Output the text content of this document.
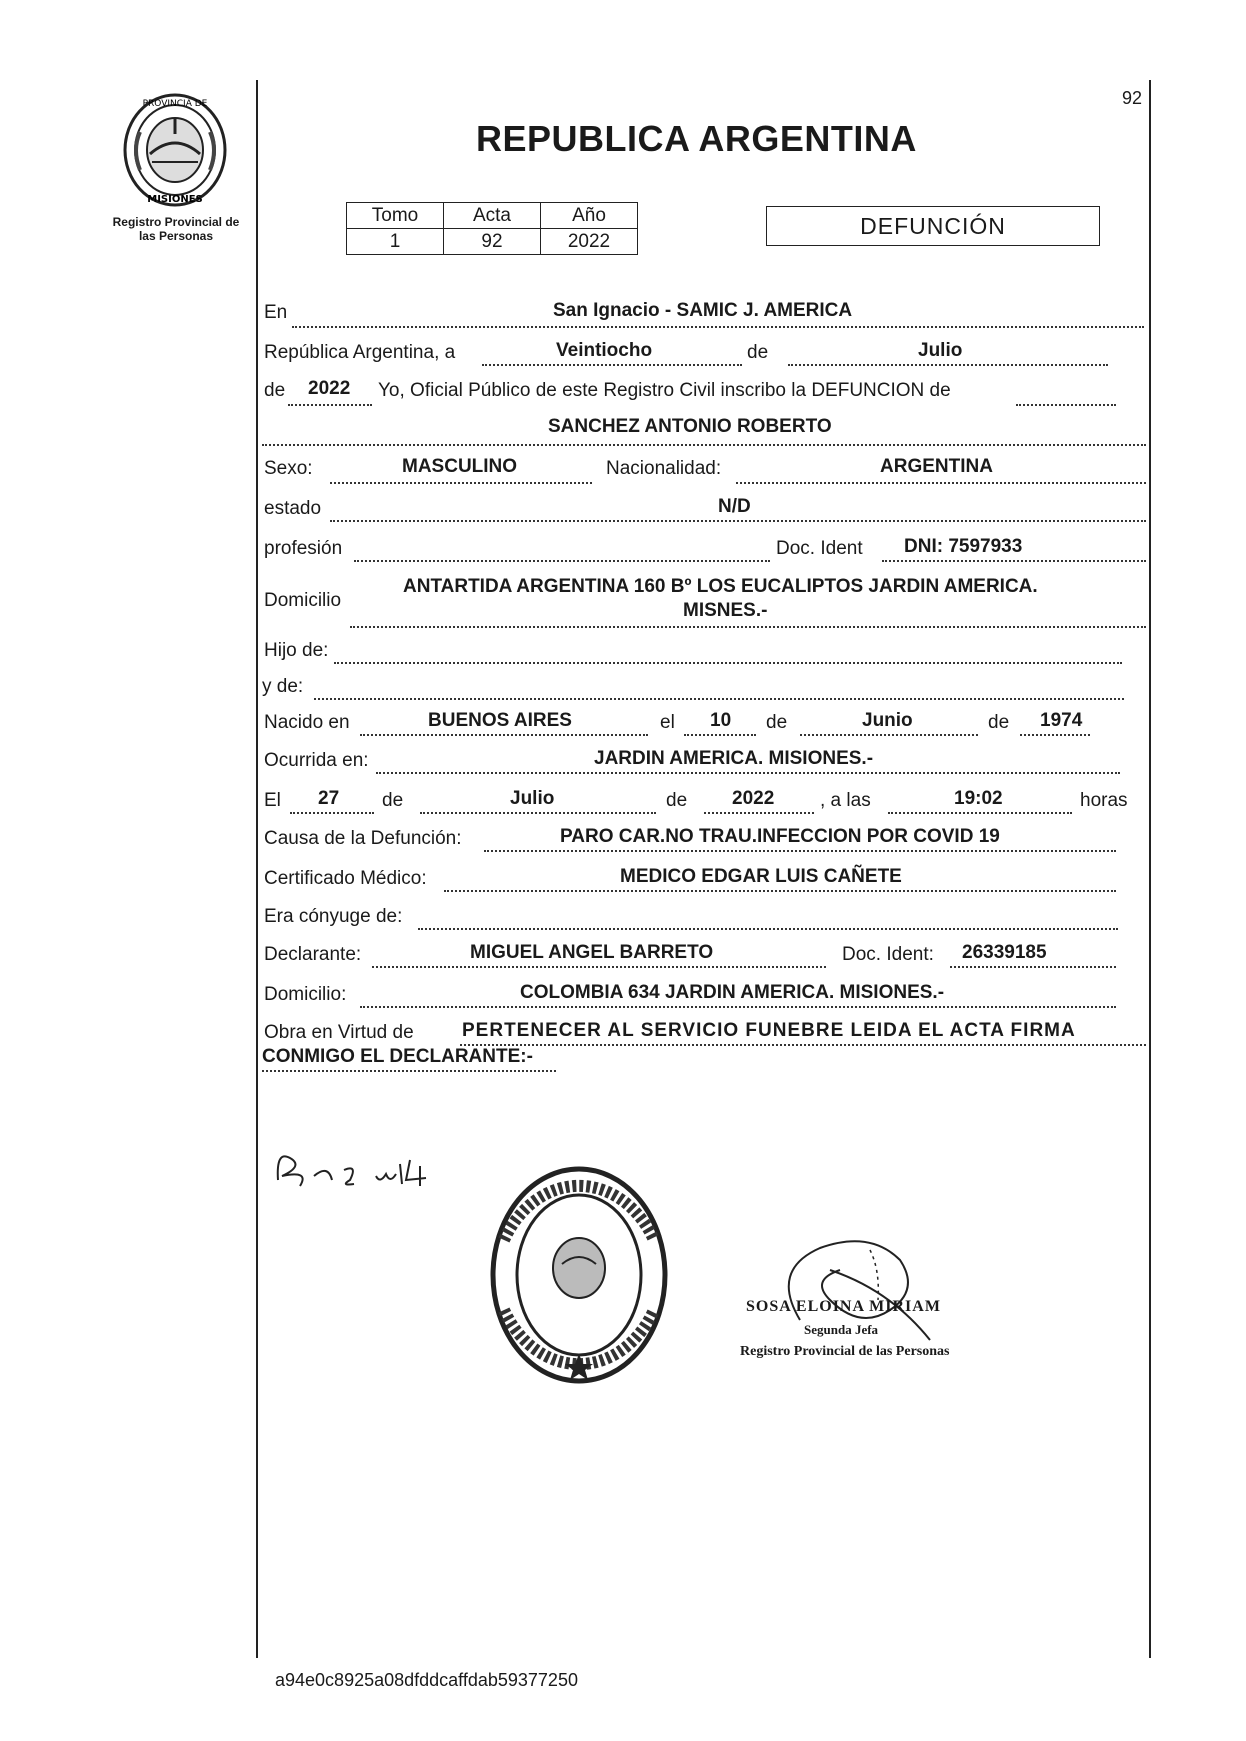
PROVINCIA DE
MISIONES
Registro Provincial de
las Personas
92
REPUBLICA ARGENTINA
Tomo	Acta	Año
1	92	2022
DEFUNCIÓN
En	San Ignacio - SAMIC J. AMERICA
República Argentina, a	Veintiocho	de	Julio
de 2022 Yo, Oficial Público de este Registro Civil inscribo la DEFUNCION de
SANCHEZ ANTONIO ROBERTO
Sexo:	MASCULINO	Nacionalidad:	ARGENTINA
estado	N/D
profesión	Doc. Ident DNI: 7597933
Domicilio
ANTARTIDA ARGENTINA 160 Bº LOS EUCALIPTOS JARDIN AMERICA.
MISNES.-
Hijo de:
y de:
Nacido en	BUENOS AIRES	el 10 de	Junio	de 1974
Ocurrida en:	JARDIN AMERICA. MISIONES.-
El 27 de	Julio	de 2022 , a las	19:02	horas
Causa de la Defunción:	PARO CAR.NO TRAU.INFECCION POR COVID 19
Certificado Médico:	MEDICO EDGAR LUIS CAÑETE
Era cónyuge de:
Declarante:	MIGUEL ANGEL BARRETO	Doc. Ident: 26339185
Domicilio:	COLOMBIA 634 JARDIN AMERICA. MISIONES.-
Obra en Virtud de	PERTENECER AL SERVICIO FUNEBRE LEIDA EL ACTA FIRMA
CONMIGO EL DECLARANTE:-
SOSA ELOINA MIRIAM
Segunda Jefa
Registro Provincial de las Personas
a94e0c8925a08dfddcaffdab59377250
